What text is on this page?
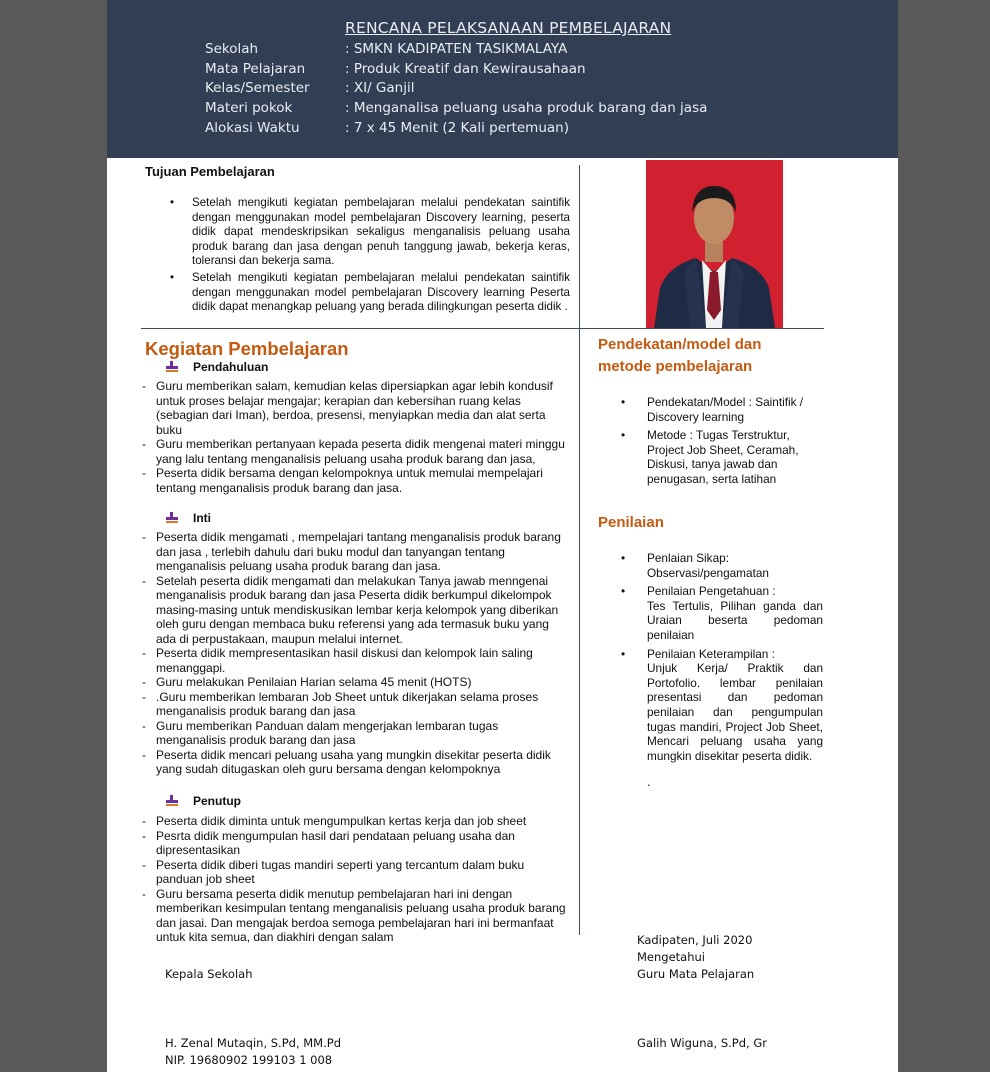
RENCANA PELAKSANAAN PEMBELAJARAN
Sekolah	: SMKN KADIPATEN TASIKMALAYA
Mata Pelajaran	: Produk Kreatif dan Kewirausahaan
Kelas/Semester	: XI/ Ganjil
Materi pokok	: Menganalisa peluang usaha produk barang dan jasa
Alokasi Waktu	: 7 x 45 Menit (2 Kali pertemuan)
Tujuan Pembelajaran
• Setelah mengikuti kegiatan pembelajaran melalui pendekatan saintifik dengan menggunakan model pembelajaran Discovery learning, peserta didik dapat mendeskripsikan sekaligus menganalisis peluang usaha produk barang dan jasa dengan penuh tanggung jawab, bekerja keras, toleransi dan bekerja sama.
• Setelah mengikuti kegiatan pembelajaran melalui pendekatan saintifik dengan menggunakan model pembelajaran Discovery learning Peserta didik dapat menangkap peluang yang berada dilingkungan peserta didik .
Kegiatan Pembelajaran
Pendahuluan
- Guru memberikan salam, kemudian kelas dipersiapkan agar lebih kondusif untuk proses belajar mengajar; kerapian dan kebersihan ruang kelas (sebagian dari Iman), berdoa, presensi, menyiapkan media dan alat serta buku
- Guru memberikan pertanyaan kepada peserta didik mengenai materi minggu yang lalu tentang menganalisis peluang usaha produk barang dan jasa,
- Peserta didik bersama dengan kelompoknya untuk memulai mempelajari tentang menganalisis produk barang dan jasa.
Inti
- Peserta didik mengamati , mempelajari tantang menganalisis produk barang dan jasa , terlebih dahulu dari buku modul dan tanyangan tentang menganalisis peluang usaha produk barang dan jasa.
- Setelah peserta didik mengamati dan melakukan Tanya jawab menngenai menganalisis produk barang dan jasa Peserta didik berkumpul dikelompok masing-masing untuk mendiskusikan lembar kerja kelompok yang diberikan oleh guru dengan membaca buku referensi yang ada termasuk buku yang ada di perpustakaan, maupun melalui internet.
- Peserta didik mempresentasikan hasil diskusi dan kelompok lain saling menanggapi.
- Guru melakukan Penilaian Harian selama 45 menit (HOTS)
- .Guru memberikan lembaran Job Sheet untuk dikerjakan selama proses menganalisis produk barang dan jasa
- Guru memberikan Panduan dalam mengerjakan lembaran tugas menganalisis produk barang dan jasa
- Peserta didik mencari peluang usaha yang mungkin disekitar peserta didik yang sudah ditugaskan oleh guru bersama dengan kelompoknya
Penutup
- Peserta didik diminta untuk mengumpulkan kertas kerja dan job sheet
- Pesrta didik mengumpulan hasil dari pendataan peluang usaha dan dipresentasikan
- Peserta didik diberi tugas mandiri seperti yang tercantum dalam buku panduan job sheet
- Guru bersama peserta didik menutup pembelajaran hari ini dengan memberikan kesimpulan tentang menganalisis peluang usaha produk barang dan jasai. Dan mengajak berdoa semoga pembelajaran hari ini bermanfaat untuk kita semua, dan diakhiri dengan salam
Pendekatan/model dan
metode pembelajaran
• Pendekatan/Model : Saintifik / Discovery learning
• Metode : Tugas Terstruktur, Project Job Sheet, Ceramah, Diskusi, tanya jawab dan penugasan, serta latihan
Penilaian
• Penlaian Sikap:
Observasi/pengamatan
• Penilaian Pengetahuan :
Tes Tertulis, Pilihan ganda dan Uraian beserta pedoman penilaian
• Penilaian Keterampilan :
Unjuk Kerja/ Praktik dan Portofolio. lembar penilaian presentasi dan pedoman penilaian dan pengumpulan tugas mandiri, Project Job Sheet, Mencari peluang usaha yang mungkin disekitar peserta didik.
.
Kadipaten, Juli 2020
Mengetahui
Guru Mata Pelajaran
Kepala Sekolah
H. Zenal Mutaqin, S.Pd, MM.Pd
NIP. 19680902 199103 1 008
Galih Wiguna, S.Pd, Gr
